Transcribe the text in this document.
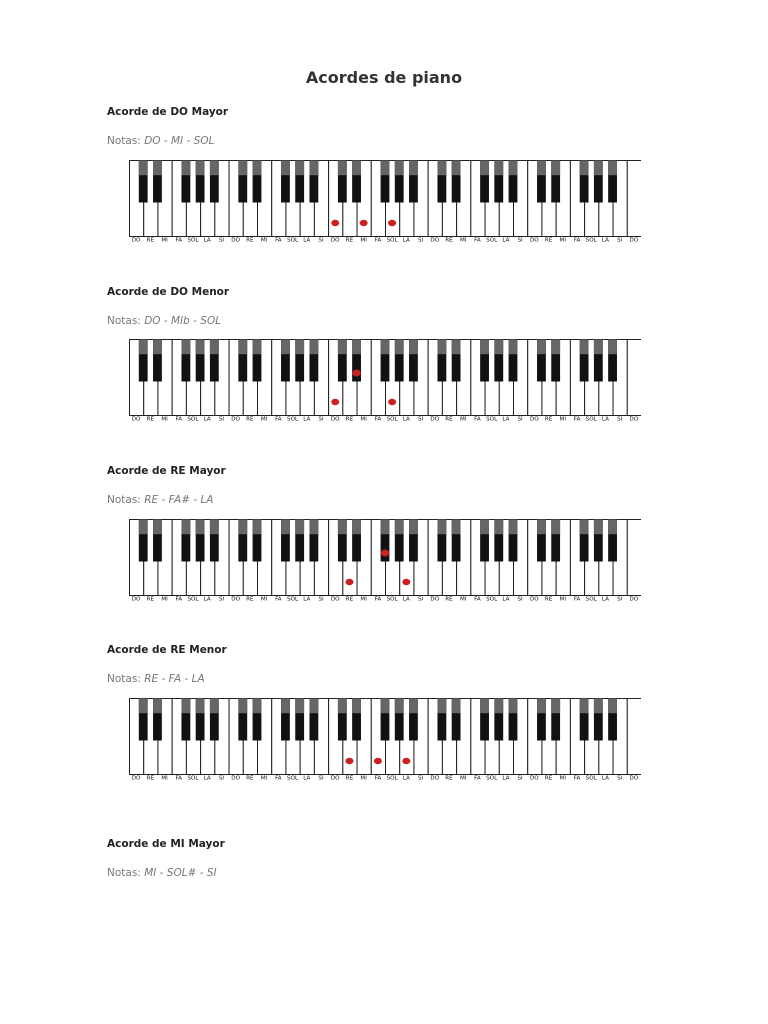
Acordes de piano
Acorde de DO Mayor
Notas: DO - MI - SOL
DO RE MI FA SOL LA SI DO RE MI FA SOL LA SI DO RE MI FA SOL LA SI DO RE MI FA SOL LA SI DO RE MI FA SOL LA SI DO
Acorde de DO Menor
Notas: DO - MIb - SOL
DO RE MI FA SOL LA SI DO RE MI FA SOL LA SI DO RE MI FA SOL LA SI DO RE MI FA SOL LA SI DO RE MI FA SOL LA SI DO
Acorde de RE Mayor
Notas: RE - FA# - LA
DO RE MI FA SOL LA SI DO RE MI FA SOL LA SI DO RE MI FA SOL LA SI DO RE MI FA SOL LA SI DO RE MI FA SOL LA SI DO
Acorde de RE Menor
Notas: RE - FA - LA
DO RE MI FA SOL LA SI DO RE MI FA SOL LA SI DO RE MI FA SOL LA SI DO RE MI FA SOL LA SI DO RE MI FA SOL LA SI DO
Acorde de MI Mayor
Notas: MI - SOL# - SI
